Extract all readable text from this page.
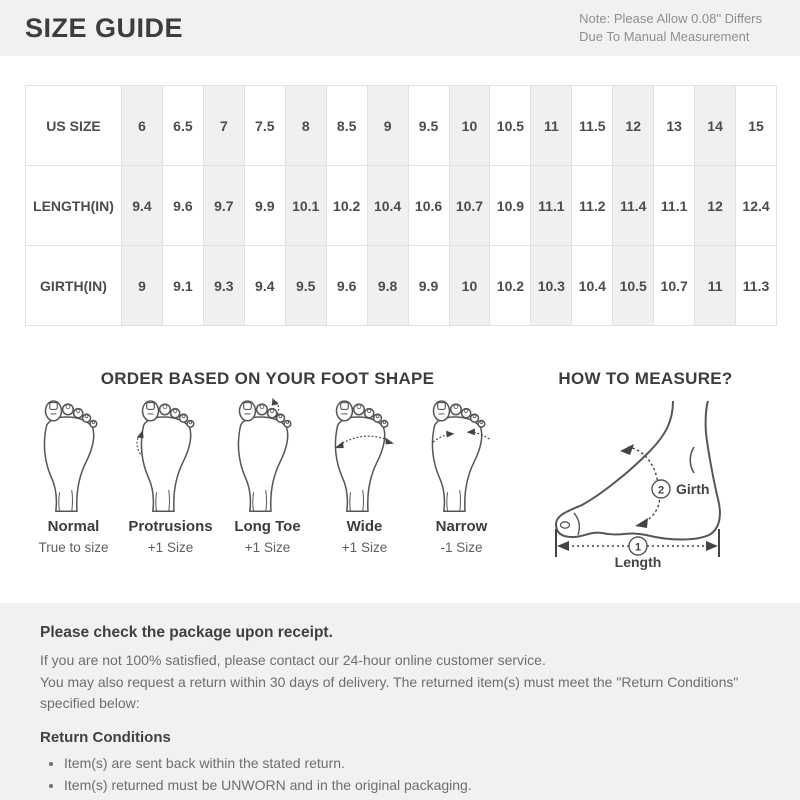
SIZE GUIDE	Note: Please Allow 0.08" Differs
Due To Manual Measurement
US SIZE	6	6.5	7	7.5	8	8.5	9	9.5	10	10.5	11	11.5	12	13	14	15
LENGTH(IN)	9.4	9.6	9.7	9.9	10.1	10.2	10.4	10.6	10.7	10.9	11.1	11.2	11.4	11.1	12	12.4
GIRTH(IN)	9	9.1	9.3	9.4	9.5	9.6	9.8	9.9	10	10.2	10.3	10.4	10.5	10.7	11	11.3
ORDER BASED ON YOUR FOOT SHAPE	HOW TO MEASURE?
Normal
True to size
Protrusions
+1 Size
Long Toe
+1 Size
Wide
+1 Size
Narrow
-1 Size
2 Girth
1
Length

Please check the package upon receipt.

If you are not 100% satisfied, please contact our 24-hour online customer service.

You may also request a return within 30 days of delivery. The returned item(s) must meet the "Return Conditions" specified below:

Return Conditions

• Item(s) are sent back within the stated return.
• Item(s) returned must be UNWORN and in the original packaging.
